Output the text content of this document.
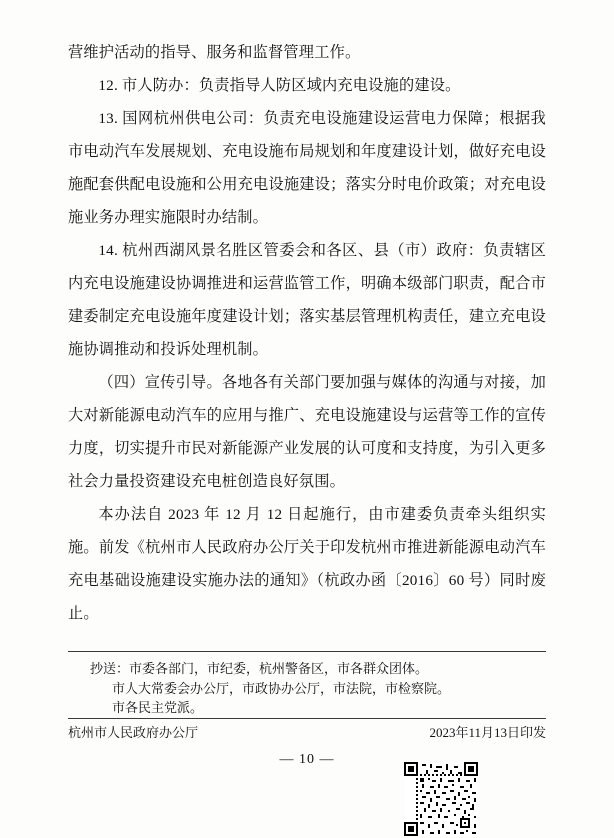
营维护活动的指导、服务和监督管理工作。

12. 市人防办：负责指导人防区域内充电设施的建设。

13. 国网杭州供电公司：负责充电设施建设运营电力保障；根据我市电动汽车发展规划、充电设施布局规划和年度建设计划，做好充电设施配套供配电设施和公用充电设施建设；落实分时电价政策；对充电设施业务办理实施限时办结制。

14. 杭州西湖风景名胜区管委会和各区、县（市）政府：负责辖区内充电设施建设协调推进和运营监管工作，明确本级部门职责，配合市建委制定充电设施年度建设计划；落实基层管理机构责任，建立充电设施协调推动和投诉处理机制。

（四）宣传引导。各地各有关部门要加强与媒体的沟通与对接，加大对新能源电动汽车的应用与推广、充电设施建设与运营等工作的宣传力度，切实提升市民对新能源产业发展的认可度和支持度，为引入更多社会力量投资建设充电桩创造良好氛围。

本办法自 2023 年 12 月 12 日起施行，由市建委负责牵头组织实施。前发《杭州市人民政府办公厅关于印发杭州市推进新能源电动汽车充电基础设施建设实施办法的通知》（杭政办函〔2016〕60 号）同时废止。

抄送：市委各部门，市纪委，杭州警备区，市各群众团体。
市人大常委会办公厅，市政协办公厅，市法院，市检察院。
市各民主党派。
杭州市人民政府办公厅	2023年11月13日印发
— 10 —
